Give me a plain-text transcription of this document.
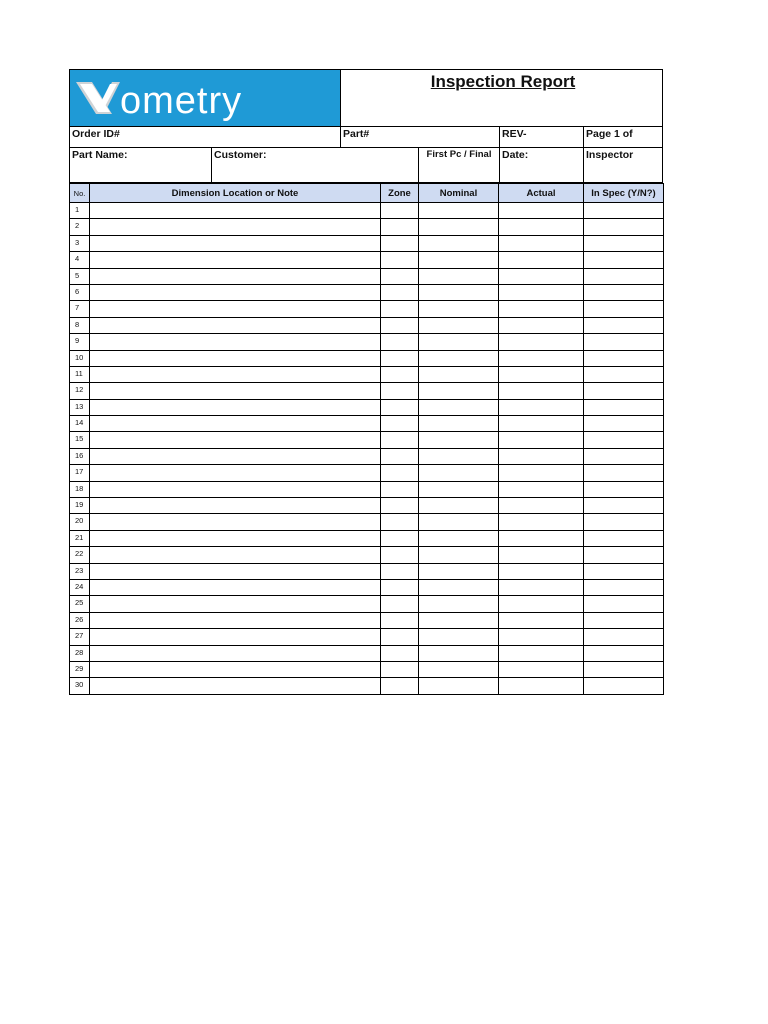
ometry	Inspection Report
Order ID#	Part#	REV-	Page 1 of
Part Name:	Customer:	First Pc / Final	Date:	Inspector
No.	Dimension Location or Note	Zone	Nominal	Actual	In Spec (Y/N?)
1					
2					
3					
4					
5					
6					
7					
8					
9					
10					
11					
12					
13					
14					
15					
16					
17					
18					
19					
20					
21					
22					
23					
24					
25					
26					
27					
28					
29					
30					
